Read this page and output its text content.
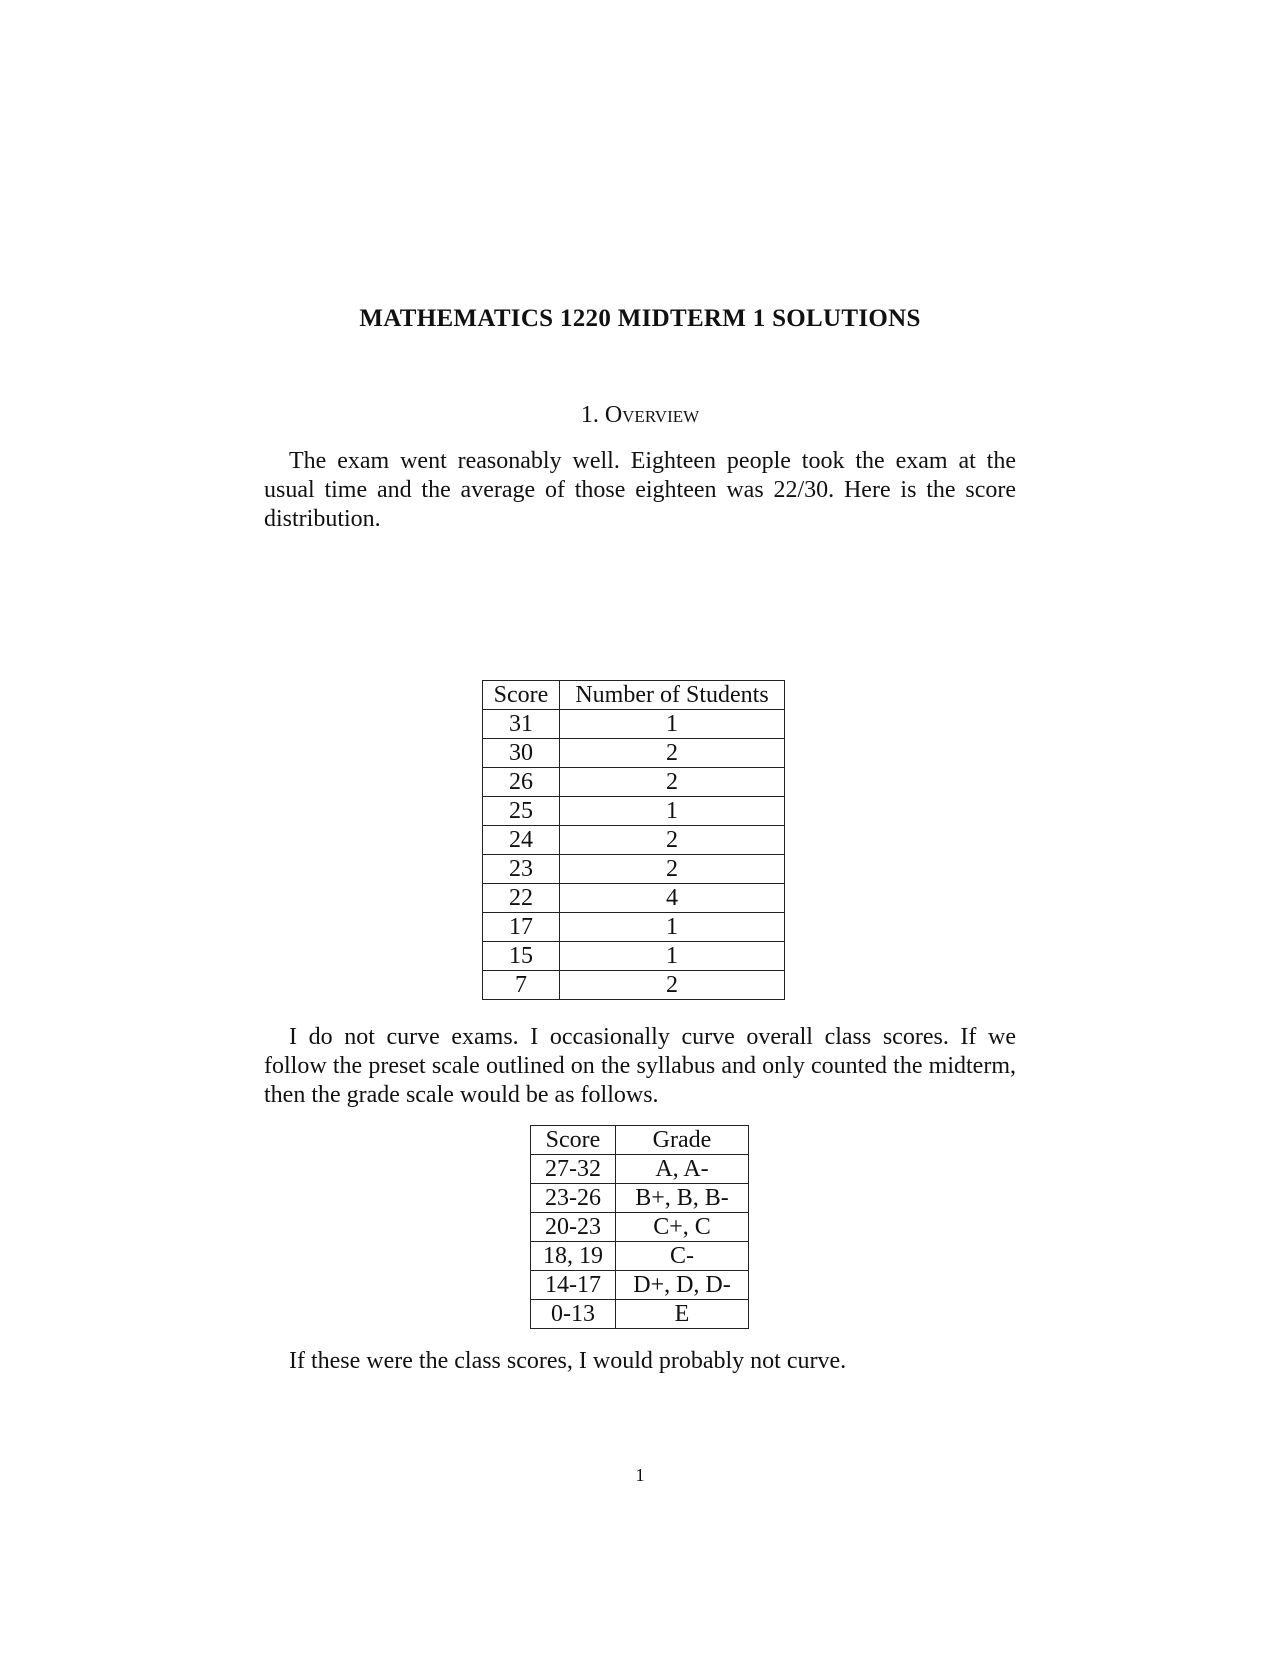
MATHEMATICS 1220 MIDTERM 1 SOLUTIONS
1. Overview
The exam went reasonably well. Eighteen people took the exam at the usual time and the average of those eighteen was 22/30. Here is the score distribution.
Score	Number of Students
31	1
30	2
26	2
25	1
24	2
23	2
22	4
17	1
15	1
7	2
I do not curve exams. I occasionally curve overall class scores. If we follow the preset scale outlined on the syllabus and only counted the midterm, then the grade scale would be as follows.
Score	Grade
27-32	A, A-
23-26	B+, B, B-
20-23	C+, C
18, 19	C-
14-17	D+, D, D-
0-13	E
If these were the class scores, I would probably not curve.
1
